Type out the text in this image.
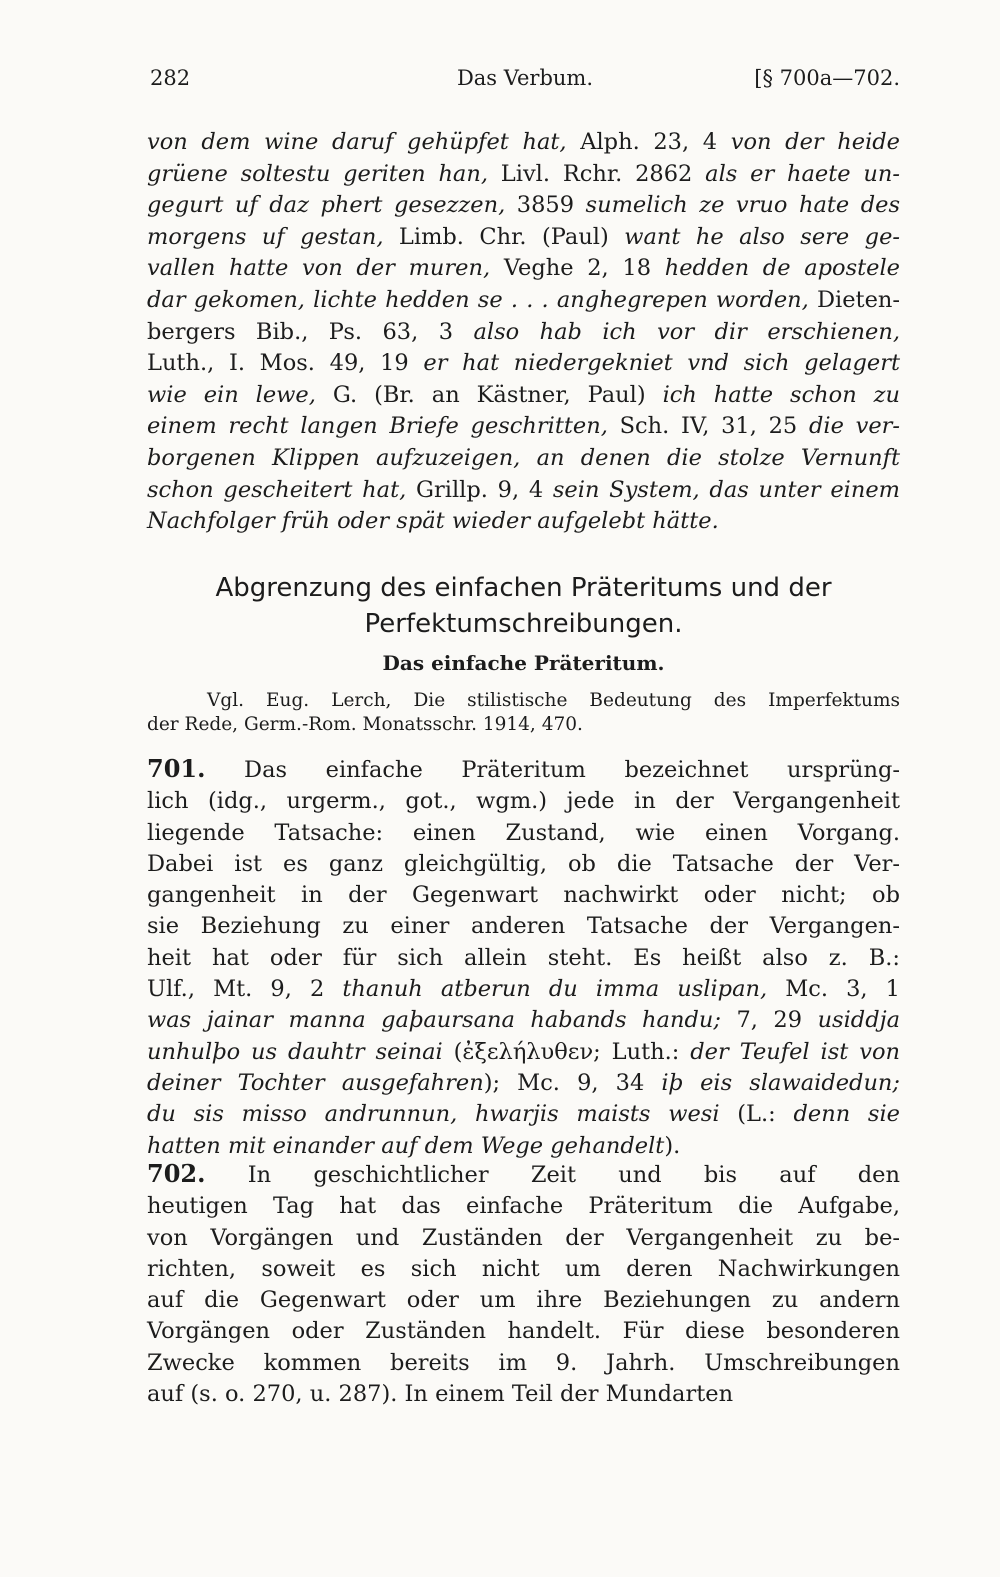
282	Das Verbum.	[§ 700a—702.

von dem wine daruf gehüpfet hat, Alph. 23, 4 von der heide

grüene soltestu geriten han, Livl. Rchr. 2862 als er haete un-

gegurt uf daz phert gesezzen, 3859 sumelich ze vruo hate des

morgens uf gestan, Limb. Chr. (Paul) want he also sere ge-

vallen hatte von der muren, Veghe 2, 18 hedden de apostele

dar gekomen, lichte hedden se . . . anghegrepen worden, Dieten-

bergers Bib., Ps. 63, 3 also hab ich vor dir erschienen,

Luth., I. Mos. 49, 19 er hat niedergekniet vnd sich gelagert

wie ein lewe, G. (Br. an Kästner, Paul) ich hatte schon zu

einem recht langen Briefe geschritten, Sch. IV, 31, 25 die ver-

borgenen Klippen aufzuzeigen, an denen die stolze Vernunft

schon gescheitert hat, Grillp. 9, 4 sein System, das unter einem

Nachfolger früh oder spät wieder aufgelebt hätte.

Abgrenzung des einfachen Präteritums und der

Perfektumschreibungen.

Das einfache Präteritum.

Vgl. Eug. Lerch, Die stilistische Bedeutung des Imperfektums

der Rede, Germ.-Rom. Monatsschr. 1914, 470.

701. Das einfache Präteritum bezeichnet ursprüng-

lich (idg., urgerm., got., wgm.) jede in der Vergangenheit

liegende Tatsache: einen Zustand, wie einen Vorgang.

Dabei ist es ganz gleichgültig, ob die Tatsache der Ver-

gangenheit in der Gegenwart nachwirkt oder nicht; ob

sie Beziehung zu einer anderen Tatsache der Vergangen-

heit hat oder für sich allein steht. Es heißt also z. B.:

Ulf., Mt. 9, 2 thanuh atberun du imma uslipan, Mc. 3, 1

was jainar manna gaþaursana habands handu; 7, 29 usiddja

unhulþo us dauhtr seinai (ἐξελήλυθεν; Luth.: der Teufel ist von

deiner Tochter ausgefahren); Mc. 9, 34 iþ eis slawaidedun;

du sis misso andrunnun, hwarjis maists wesi (L.: denn sie

hatten mit einander auf dem Wege gehandelt).

702. In geschichtlicher Zeit und bis auf den

heutigen Tag hat das einfache Präteritum die Aufgabe,

von Vorgängen und Zuständen der Vergangenheit zu be-

richten, soweit es sich nicht um deren Nachwirkungen

auf die Gegenwart oder um ihre Beziehungen zu andern

Vorgängen oder Zuständen handelt. Für diese besonderen

Zwecke kommen bereits im 9. Jahrh. Umschreibungen

auf (s. o. 270, u. 287). In einem Teil der Mundarten
